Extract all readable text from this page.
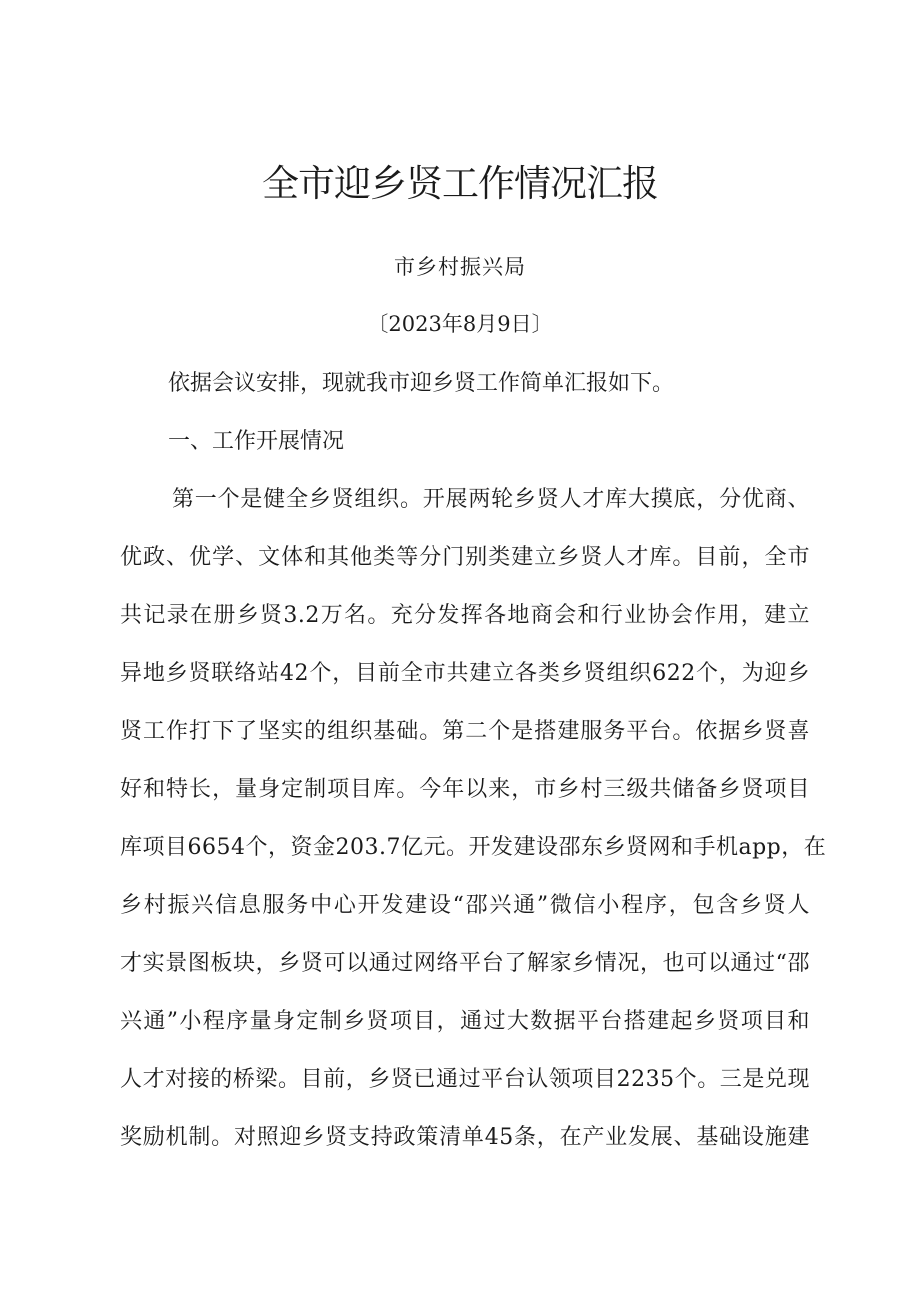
全市迎乡贤工作情况汇报
市乡村振兴局
〔2023年8月9日〕

依据会议安排，现就我市迎乡贤工作简单汇报如下。

一、工作开展情况

第一个是健全乡贤组织。开展两轮乡贤人才库大摸底，分优商、
优政、优学、文体和其他类等分门别类建立乡贤人才库。目前，全市
共记录在册乡贤3.2万名。充分发挥各地商会和行业协会作用，建立
异地乡贤联络站42个，目前全市共建立各类乡贤组织622个，为迎乡
贤工作打下了坚实的组织基础。第二个是搭建服务平台。依据乡贤喜
好和特长，量身定制项目库。今年以来，市乡村三级共储备乡贤项目
库项目6654个，资金203.7亿元。开发建设邵东乡贤网和手机app，在
乡村振兴信息服务中心开发建设“邵兴通”微信小程序，包含乡贤人
才实景图板块，乡贤可以通过网络平台了解家乡情况，也可以通过“邵
兴通”小程序量身定制乡贤项目，通过大数据平台搭建起乡贤项目和
人才对接的桥梁。目前，乡贤已通过平台认领项目2235个。三是兑现
奖励机制。对照迎乡贤支持政策清单45条，在产业发展、基础设施建
